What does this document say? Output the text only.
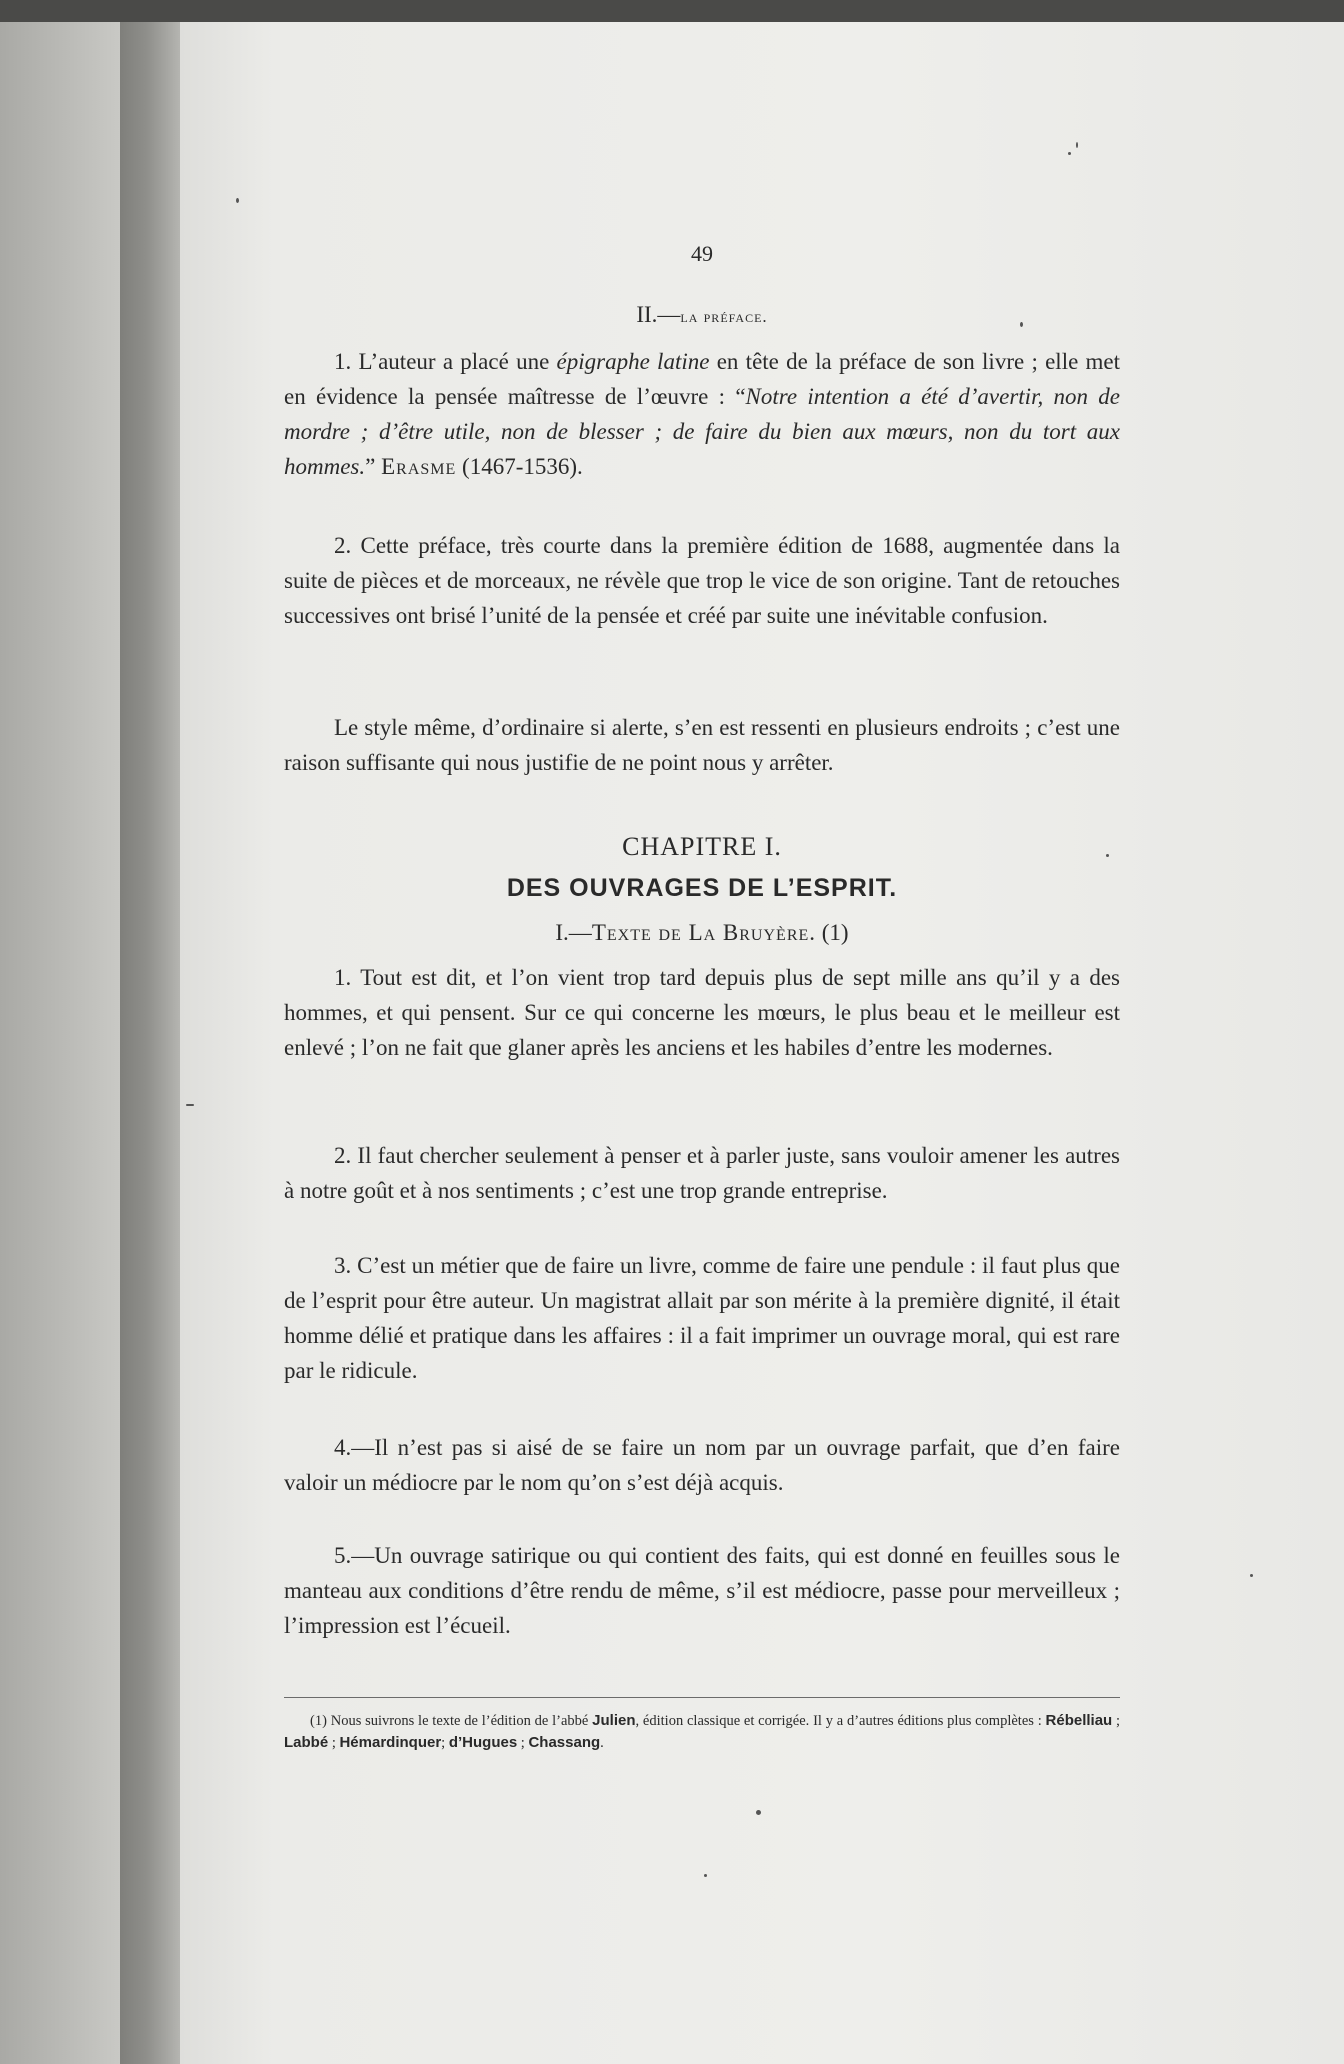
49
II.—la préface.

1. L’auteur a placé une épigraphe latine en tête de la préface de son livre ; elle met en évidence la pensée maîtresse de l’œuvre : “Notre intention a été d’avertir, non de mordre ; d’être utile, non de blesser ; de faire du bien aux mœurs, non du tort aux hommes.” Erasme (1467-1536).

2. Cette préface, très courte dans la première édition de 1688, augmentée dans la suite de pièces et de morceaux, ne révèle que trop le vice de son origine. Tant de retouches successives ont brisé l’unité de la pensée et créé par suite une inévitable confusion.

Le style même, d’ordinaire si alerte, s’en est ressenti en plusieurs endroits ; c’est une raison suffisante qui nous justifie de ne point nous y arrêter.

CHAPITRE I.
DES OUVRAGES DE L’ESPRIT.
I.—Texte de La Bruyère. (1)

1. Tout est dit, et l’on vient trop tard depuis plus de sept mille ans qu’il y a des hommes, et qui pensent. Sur ce qui concerne les mœurs, le plus beau et le meilleur est enlevé ; l’on ne fait que glaner après les anciens et les habiles d’entre les modernes.

2. Il faut chercher seulement à penser et à parler juste, sans vouloir amener les autres à notre goût et à nos sentiments ; c’est une trop grande entreprise.

3. C’est un métier que de faire un livre, comme de faire une pendule : il faut plus que de l’esprit pour être auteur. Un magistrat allait par son mérite à la première dignité, il était homme délié et pratique dans les affaires : il a fait imprimer un ouvrage moral, qui est rare par le ridicule.

4.—Il n’est pas si aisé de se faire un nom par un ouvrage parfait, que d’en faire valoir un médiocre par le nom qu’on s’est déjà acquis.

5.—Un ouvrage satirique ou qui contient des faits, qui est donné en feuilles sous le manteau aux conditions d’être rendu de même, s’il est médiocre, passe pour merveilleux ; l’impression est l’écueil.

(1) Nous suivrons le texte de l’édition de l’abbé Julien, édition classique et corrigée. Il y a d’autres éditions plus complètes : Rébelliau ; Labbé ; Hémardinquer; d’Hugues ; Chassang.
